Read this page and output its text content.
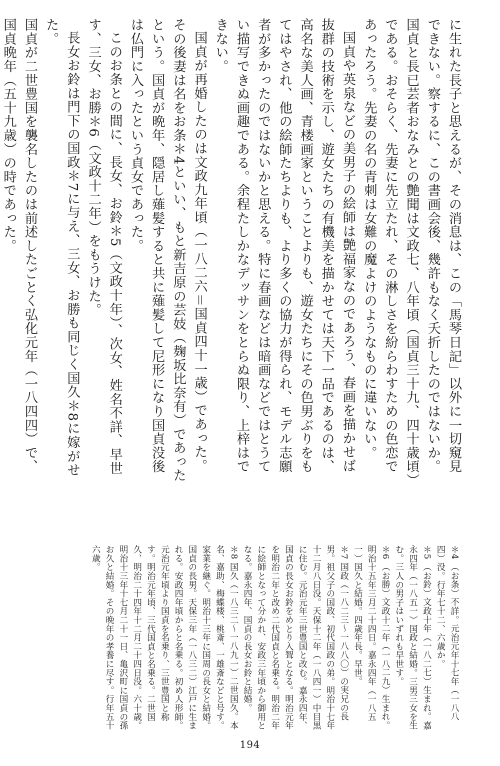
に生れた長子と思えるが、その消息は、この「馬琴日記」以外に一切窺見できない。察するに、この書画会後、幾許もなく夭折したのではないか。国貞と長已芸者おなみとの艶聞は文政七、八年頃（国貞三十九、四十歳頃）である。おそらく、先妻に先立たれ、その淋しさを紛らわすための色恋であったろう。先妻の名の青刺は女難の魔よけのようなものに違いない。

国貞や英泉などの美男子の絵師は艶福家なのであろう、春画を描かせば抜群の技術を示し、遊女たちの有機美を描かせては天下一品であるのは、高名な美人画、青楼画家ということよりも、遊女たちにその色男ぶりをもてはやされ、他の絵師たちよりも、より多くの協力が得られ、モデル志願者が多かったのではないかと思える。特に春画などは暗画などではとうてい描写できぬ画趣である。余程たしかなデッサンをとらぬ限り、上梓はできない。

国貞が再婚したのは文政九年頃（一八二六＝国貞四十一歳）であった。その後妻は名をお条＊4といい、もと新吉原の芸妓（麹坂比奈有）であったという。国貞が晩年、隠居し薙髪すると共に薙髪して尼形になり国貞没後は仏門に入ったという貞女であった。

このお条との間に、長女、お鈴＊5（文政十年）、次女、姓名不詳、早世す、三女、お勝＊6（文政十二年）をもうけた。

長女お鈴は門下の国政＊7に与え、三女、お勝も同じく国久＊8に嫁がせた。

国貞が二世豊国を襲名したのは前述したごとく弘化元年（一八四四）で、国貞晩年（五十九歳）の時であった。

＊4 （お条）不詳。元治元年十七年（一八八四）没。行年七十二、六歳か。

＊5 （お鈴）文政十年（一八二七）生まれ。嘉永四年（一八五一）国政と結婚。三男三女を生む。三人の男子はいずれも早世す。

＊6 （お勝）文政十二年（一八二九）生まれ。明治十五年三月二十四日。嘉永四年（一八五一）国久と結婚。四歳年長。早世。

＊7 国政（一八二三〜一八八〇）の実兄の長男。祖父子の国政、初代国政の弟。明治十七年十二月八日没。天保十二年（一八四一）中目黒に住む。元治元年三世豊国と改む。嘉永四年、国貞の長女お鈴をめとり入聟となる。明治元年を明治二年と改め二代国貞と名乗る。明治二年に絵師となって分かれ、安政三年頃から御用となる。嘉永四年、国貞の長女お鈴と結婚。

＊8 国久（一八三二〜一八九一）二世国久。本名、嘉助、梅蝶楼、桃斎、一雄斎などと号す。家業を継ぐ。明治十三年に国周の長女と結婚。国貞の長男。天保三年（一八三二）江戸に生まれる。安政四年頃からと名乗る。初め人形師。元治元年頃より国貞を名乗り、三世豊国と称す。明治元年頃、三代国貞と名乗る。二世国久、明治二十四年十二月二十四日没。六十歳。

明治十三年十七月二十一日、亀沢町に国貞の孫お久と結婚。その晩年の孝養に尽す。行年五十六歳。

194
